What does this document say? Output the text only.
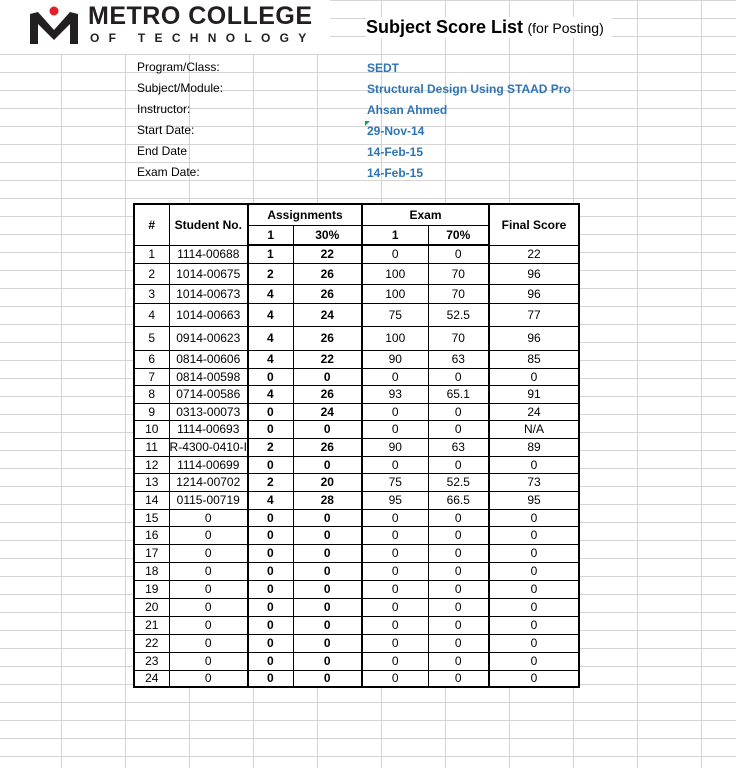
METRO COLLEGE
OF TECHNOLOGY
Subject Score List (for Posting)
Program/Class:	SEDT
Subject/Module:	Structural Design Using STAAD Pro
Instructor:	Ahsan Ahmed
Start Date:	29-Nov-14
End Date	14-Feb-15
Exam Date:	14-Feb-15
#	Student No.	Assignments		Exam		Final Score
		1	30%	1	70%	
1	1114-00688	1	22	0	0	22
2	1014-00675	2	26	100	70	96
3	1014-00673	4	26	100	70	96
4	1014-00663	4	24	75	52.5	77
5	0914-00623	4	26	100	70	96
6	0814-00606	4	22	90	63	85
7	0814-00598	0	0	0	0	0
8	0714-00586	4	26	93	65.1	91
9	0313-00073	0	24	0	0	24
10	1114-00693	0	0	0	0	N/A
11	R-4300-0410-I	2	26	90	63	89
12	1114-00699	0	0	0	0	0
13	1214-00702	2	20	75	52.5	73
14	0115-00719	4	28	95	66.5	95
15	0	0	0	0	0	0
16	0	0	0	0	0	0
17	0	0	0	0	0	0
18	0	0	0	0	0	0
19	0	0	0	0	0	0
20	0	0	0	0	0	0
21	0	0	0	0	0	0
22	0	0	0	0	0	0
23	0	0	0	0	0	0
24	0	0	0	0	0	0
